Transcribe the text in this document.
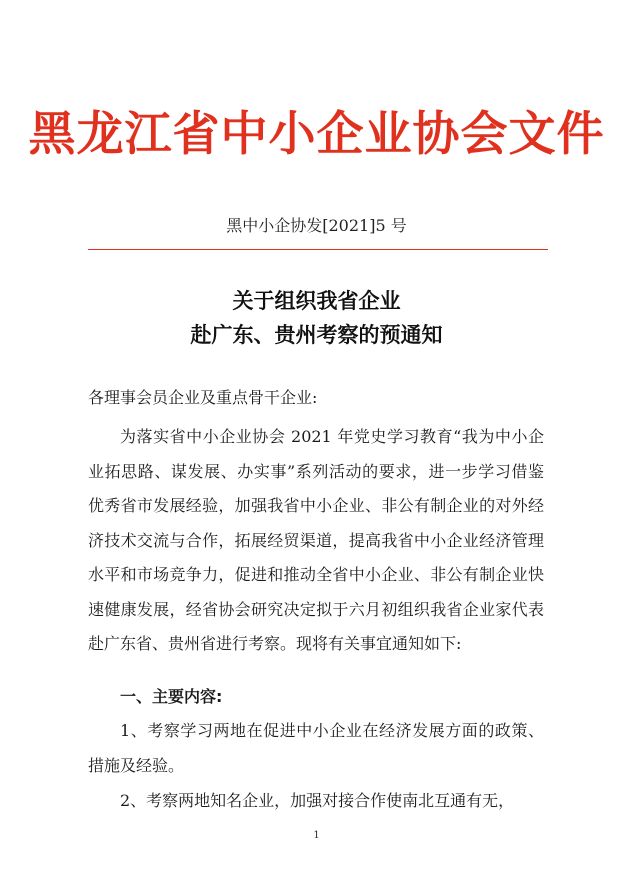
黑龙江省中小企业协会文件
黑中小企协发[2021]5 号
关于组织我省企业
赴广东、贵州考察的预通知
各理事会员企业及重点骨干企业:

为落实省中小企业协会 2021 年党史学习教育“我为中小企业拓思路、谋发展、办实事”系列活动的要求，进一步学习借鉴优秀省市发展经验，加强我省中小企业、非公有制企业的对外经济技术交流与合作，拓展经贸渠道，提高我省中小企业经济管理水平和市场竞争力，促进和推动全省中小企业、非公有制企业快速健康发展，经省协会研究决定拟于六月初组织我省企业家代表赴广东省、贵州省进行考察。现将有关事宜通知如下:

一、主要内容:

1、考察学习两地在促进中小企业在经济发展方面的政策、措施及经验。

2、考察两地知名企业，加强对接合作使南北互通有无，

1
